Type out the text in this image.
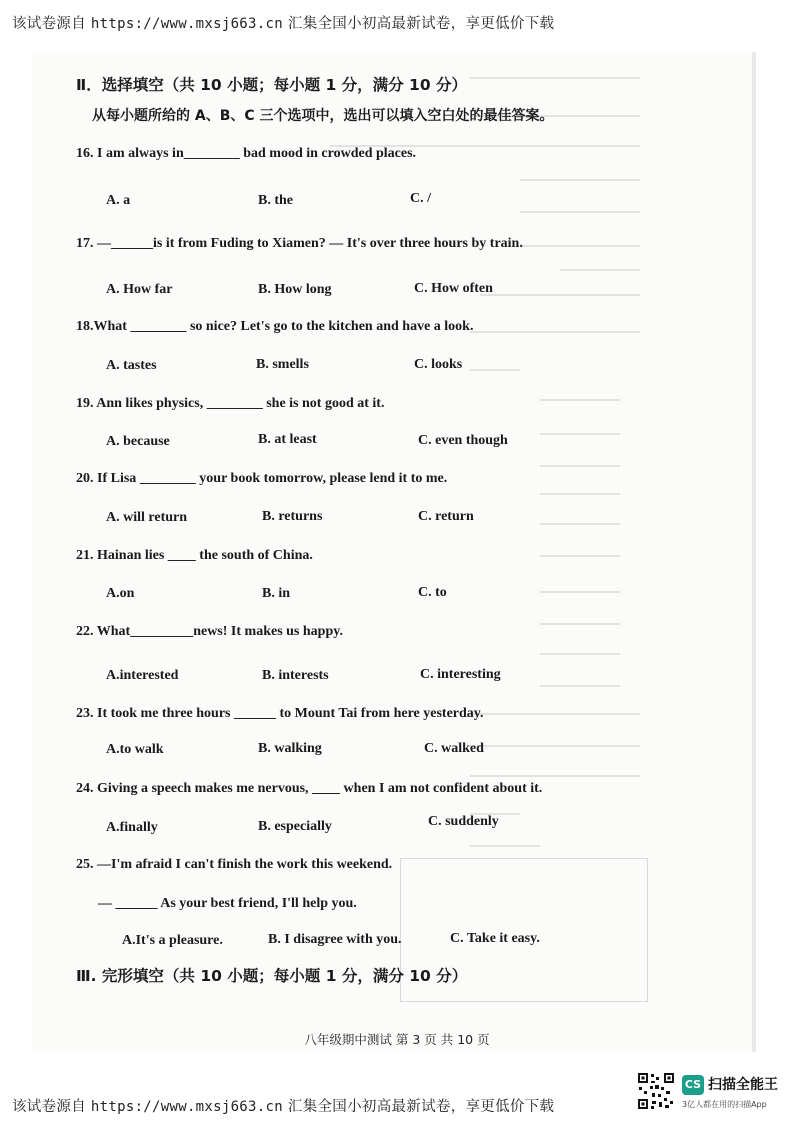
该试卷源自 https://www.mxsj663.cn 汇集全国小初高最新试卷，享更低价下载
Ⅱ．选择填空（共 10 小题；每小题 1 分，满分 10 分）
从每小题所给的 A、B、C 三个选项中，选出可以填入空白处的最佳答案。
16. I am always in________ bad mood in crowded places.
A. a	B. the	C. /
17. —______is it from Fuding to Xiamen? — It's over three hours by train.
A. How far	B. How long	C. How often
18.What ________ so nice? Let's go to the kitchen and have a look.
A. tastes	B. smells	C. looks
19. Ann likes physics, ________ she is not good at it.
A. because	B. at least	C. even though
20. If Lisa ________ your book tomorrow, please lend it to me.
A. will return	B. returns	C. return
21. Hainan lies ____ the south of China.
A.on	B. in	C. to
22. What_________news! It makes us happy.
A.interested	B. interests	C. interesting
23. It took me three hours ______ to Mount Tai from here yesterday.
A.to walk	B. walking	C. walked
24. Giving a speech makes me nervous, ____ when I am not confident about it.
A.finally	B. especially	C. suddenly
25. —I'm afraid I can't finish the work this weekend.
— ______ As your best friend, I'll help you.
A.It's a pleasure.	B. I disagree with you.	C. Take it easy.
Ⅲ. 完形填空（共 10 小题；每小题 1 分，满分 10 分）
八年级期中测试 第 3 页 共 10 页
该试卷源自 https://www.mxsj663.cn 汇集全国小初高最新试卷，享更低价下载
CS 扫描全能王
3亿人都在用的扫描App
